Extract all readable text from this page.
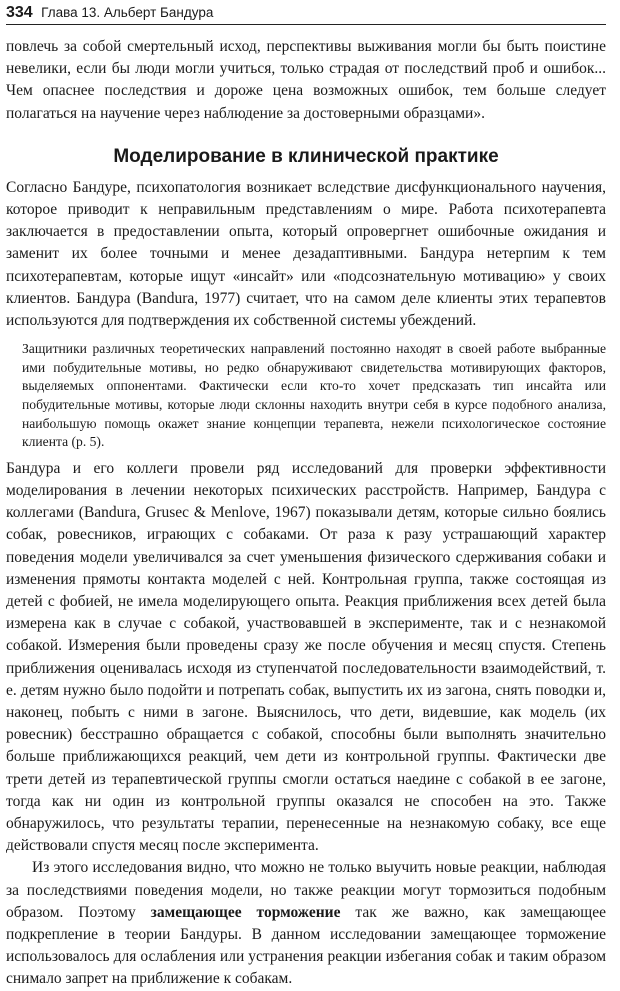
334 Глава 13. Альберт Бандура

повлечь за собой смертельный исход, перспективы выживания могли бы быть поистине невелики, если бы люди могли учиться, только страдая от последствий проб и ошибок... Чем опаснее последствия и дороже цена возможных ошибок, тем больше следует полагаться на научение через наблюдение за достоверными образцами».

Моделирование в клинической практике

Согласно Бандуре, психопатология возникает вследствие дисфункционального научения, которое приводит к неправильным представлениям о мире. Работа психотерапевта заключается в предоставлении опыта, который опровергнет ошибочные ожидания и заменит их более точными и менее дезадаптивными. Бандура нетерпим к тем психотерапевтам, которые ищут «инсайт» или «подсознательную мотивацию» у своих клиентов. Бандура (Bandura, 1977) считает, что на самом деле клиенты этих терапевтов используются для подтверждения их собственной системы убеждений.

Защитники различных теоретических направлений постоянно находят в своей работе выбранные ими побудительные мотивы, но редко обнаруживают свидетельства мотивирующих факторов, выделяемых оппонентами. Фактически если кто-то хочет предсказать тип инсайта или побудительные мотивы, которые люди склонны находить внутри себя в курсе подобного анализа, наибольшую помощь окажет знание концепции терапевта, нежели психологическое состояние клиента (p. 5).

Бандура и его коллеги провели ряд исследований для проверки эффективности моделирования в лечении некоторых психических расстройств. Например, Бандура с коллегами (Bandura, Grusec & Menlove, 1967) показывали детям, которые сильно боялись собак, ровесников, играющих с собаками. От раза к разу устрашающий характер поведения модели увеличивался за счет уменьшения физического сдерживания собаки и изменения прямоты контакта моделей с ней. Контрольная группа, также состоящая из детей с фобией, не имела моделирующего опыта. Реакция приближения всех детей была измерена как в случае с собакой, участвовавшей в эксперименте, так и с незнакомой собакой. Измерения были проведены сразу же после обучения и месяц спустя. Степень приближения оценивалась исходя из ступенчатой последовательности взаимодействий, т. е. детям нужно было подойти и потрепать собак, выпустить их из загона, снять поводки и, наконец, побыть с ними в загоне. Выяснилось, что дети, видевшие, как модель (их ровесник) бесстрашно обращается с собакой, способны были выполнять значительно больше приближающихся реакций, чем дети из контрольной группы. Фактически две трети детей из терапевтической группы смогли остаться наедине с собакой в ее загоне, тогда как ни один из контрольной группы оказался не способен на это. Также обнаружилось, что результаты терапии, перенесенные на незнакомую собаку, все еще действовали спустя месяц после эксперимента.

Из этого исследования видно, что можно не только выучить новые реакции, наблюдая за последствиями поведения модели, но также реакции могут тормозиться подобным образом. Поэтому замещающее торможение так же важно, как замещающее подкрепление в теории Бандуры. В данном исследовании замещающее торможение использовалось для ослабления или устранения реакции избегания собак и таким образом снимало запрет на приближение к собакам.
